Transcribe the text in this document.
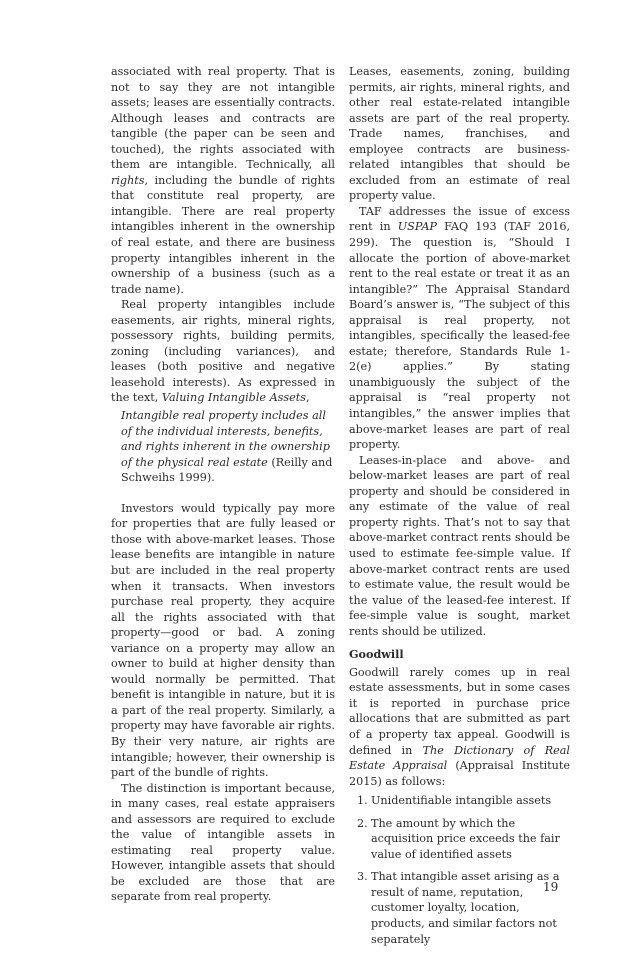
associated with real property. That is not to say they are not intangible assets; leases are essentially contracts. Although leases and contracts are tangible (the paper can be seen and touched), the rights associated with them are intangible. Technically, all rights, including the bundle of rights that constitute real property, are intangible. There are real property intangibles inherent in the ownership of real estate, and there are business property intangibles inherent in the ownership of a business (such as a trade name).

Real property intangibles include easements, air rights, mineral rights, possessory rights, building permits, zoning (including variances), and leases (both positive and negative leasehold interests). As expressed in the text, Valuing Intangible Assets,

Intangible real property includes all of the individual interests, benefits, and rights inherent in the ownership of the physical real estate (Reilly and Schweihs 1999).

Investors would typically pay more for properties that are fully leased or those with above-market leases. Those lease benefits are intangible in nature but are included in the real property when it transacts. When investors purchase real property, they acquire all the rights associated with that property—good or bad. A zoning variance on a property may allow an owner to build at higher density than would normally be permitted. That benefit is intangible in nature, but it is a part of the real property. Similarly, a property may have favorable air rights. By their very nature, air rights are intangible; however, their ownership is part of the bundle of rights.

The distinction is important because, in many cases, real estate appraisers and assessors are required to exclude the value of intangible assets in estimating real property value. However, intangible assets that should be excluded are those that are separate from real property.

Leases, easements, zoning, building permits, air rights, mineral rights, and other real estate-related intangible assets are part of the real property. Trade names, franchises, and employee contracts are business-related intangibles that should be excluded from an estimate of real property value.

TAF addresses the issue of excess rent in USPAP FAQ 193 (TAF 2016, 299). The question is, “Should I allocate the portion of above-market rent to the real estate or treat it as an intangible?” The Appraisal Standard Board’s answer is, “The subject of this appraisal is real property, not intangibles, specifically the leased-fee estate; therefore, Standards Rule 1-2(e) applies.” By stating unambiguously the subject of the appraisal is “real property not intangibles,” the answer implies that above-market leases are part of real property.

Leases-in-place and above- and below-market leases are part of real property and should be considered in any estimate of the value of real property rights. That’s not to say that above-market contract rents should be used to estimate fee-simple value. If above-market contract rents are used to estimate value, the result would be the value of the leased-fee interest. If fee-simple value is sought, market rents should be utilized.

Goodwill

Goodwill rarely comes up in real estate assessments, but in some cases it is reported in purchase price allocations that are submitted as part of a property tax appeal. Goodwill is defined in The Dictionary of Real Estate Appraisal (Appraisal Institute 2015) as follows:

1. Unidentifiable intangible assets
2. The amount by which the acquisition price exceeds the fair value of identified assets
3. That intangible asset arising as a result of name, reputation, customer loyalty, location, products, and similar factors not separately
19
